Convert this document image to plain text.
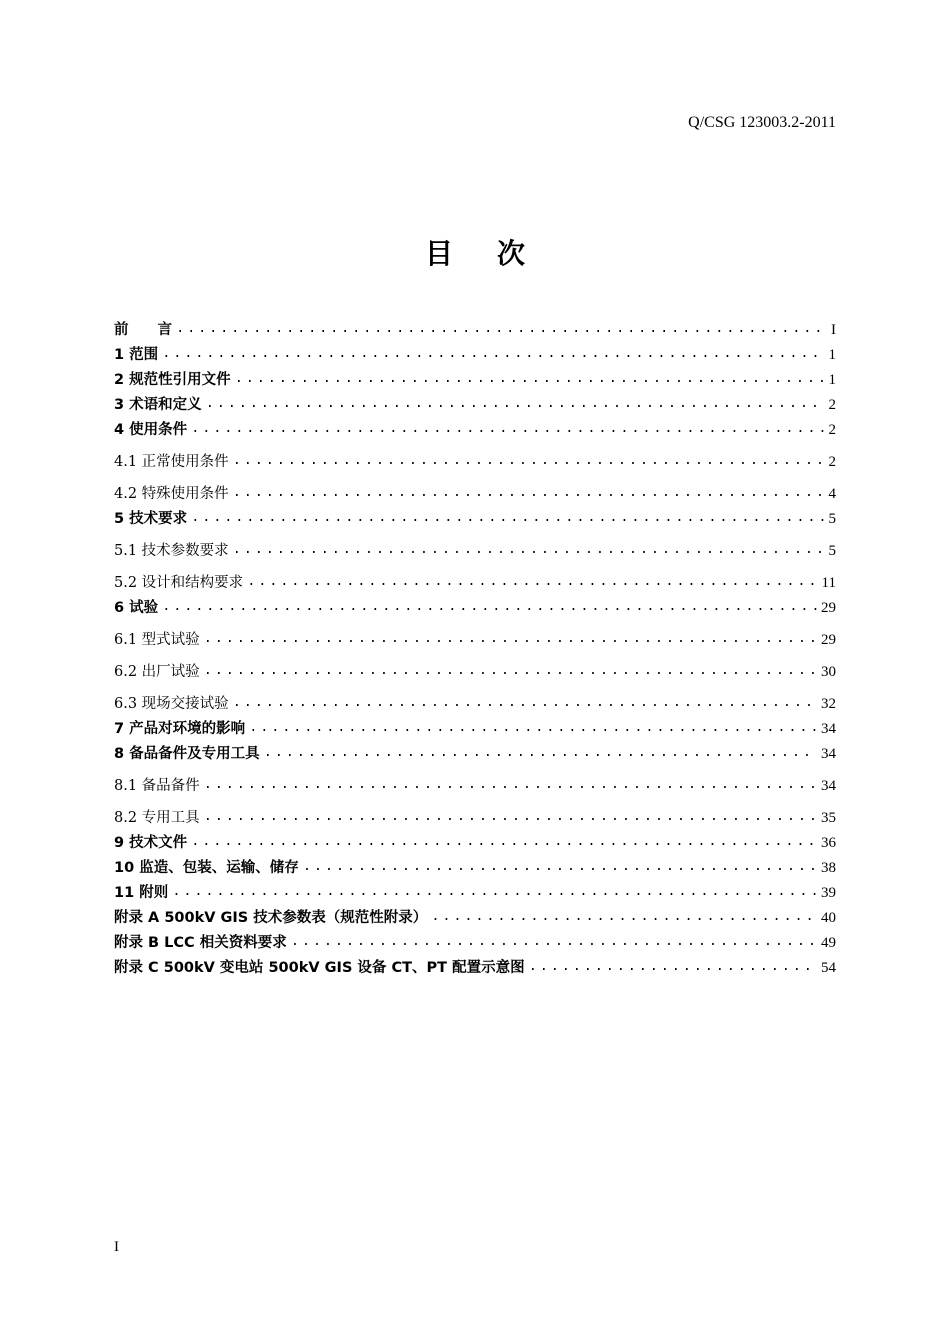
Q/CSG 123003.2-2011
目次
前　　言 .....	I
1 范围 .....	1
2 规范性引用文件 .....	1
3 术语和定义 .....	2
4 使用条件 .....	2
4.1 正常使用条件 .....	2
4.2 特殊使用条件 .....	4
5 技术要求 .....	5
5.1 技术参数要求 .....	5
5.2 设计和结构要求 .....	11
6 试验 .....	29
6.1 型式试验 .....	29
6.2 出厂试验 .....	30
6.3 现场交接试验 .....	32
7 产品对环境的影响 .....	34
8 备品备件及专用工具 .....	34
8.1 备品备件 .....	34
8.2 专用工具 .....	35
9 技术文件 .....	36
10 监造、包装、运输、储存 .....	38
11 附则 .....	39
附录 A 500kV GIS 技术参数表（规范性附录） .....	40
附录 B LCC 相关资料要求 .....	49
附录 C 500kV 变电站 500kV GIS 设备 CT、PT 配置示意图 .....	54
I
